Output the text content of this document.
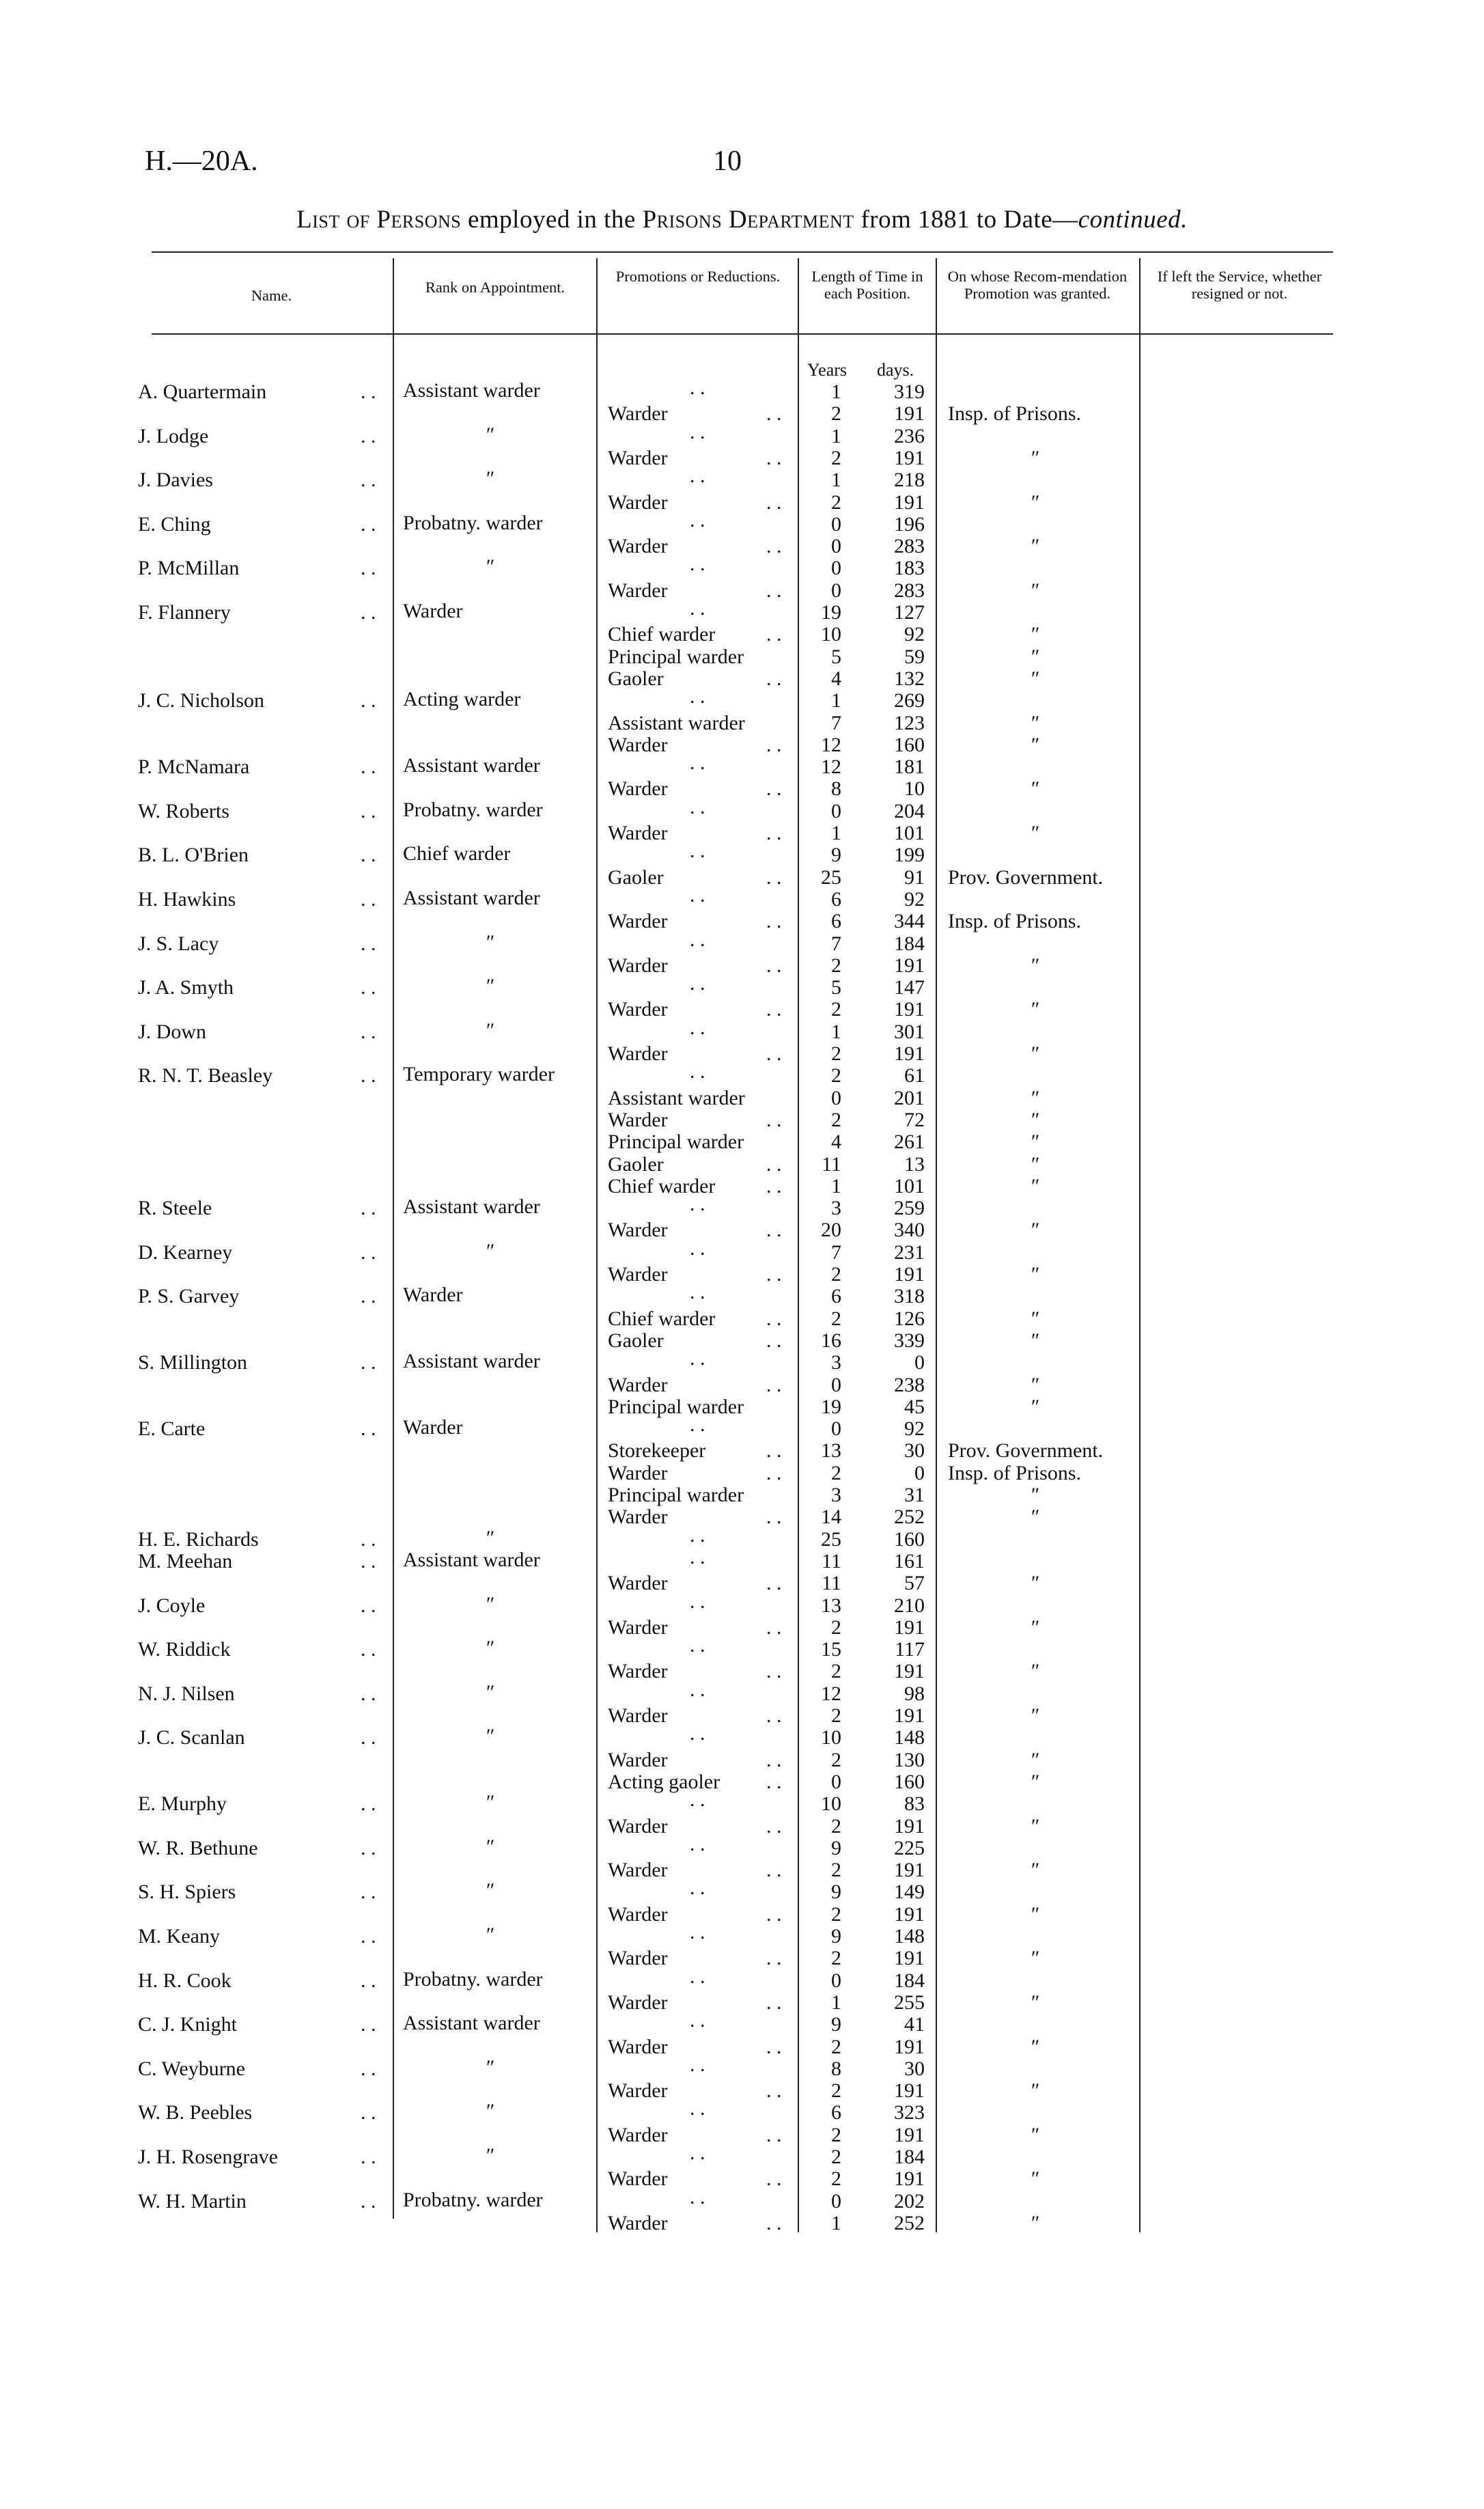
H.—20A.	10
List of Persons employed in the Prisons Department from 1881 to Date—continued.
Name.	Rank on Appointment.
Promotions or Reductions.	Length of Time in each Position.
On whose Recom-mendation Promotion was granted.
If left the Service, whether resigned or not.
Years days.
A. Quartermain	. . Assistant warder	. .	1	319
Warder	. .	2	191 Insp. of Prisons.
J. Lodge	. .	″	. .	1	236
Warder	. .	2	191	″
J. Davies	. .	″	. .	1	218
Warder	. .	2	191	″
E. Ching	. . Probatny. warder	. .	0	196
Warder	. .	0	283	″
P. McMillan	. .	″	. .	0	183
Warder	. .	0	283	″
F. Flannery	. . Warder	. .	19	127
Chief warder . .	10	92	″
Principal warder	5	59	″
Gaoler	. .	4	132	″
J. C. Nicholson	. . Acting warder	. .	1	269
Assistant warder	7	123	″
Warder	. .	12	160	″
P. McNamara	. . Assistant warder	. .	12	181
Warder	. .	8	10	″
W. Roberts	. . Probatny. warder	. .	0	204
Warder	. .	1	101	″
B. L. O'Brien	. . Chief warder	. .	9	199
Gaoler	. .	25	91 Prov. Government.
H. Hawkins	. . Assistant warder	. .	6	92
Warder	. .	6	344 Insp. of Prisons.
J. S. Lacy	. .	″	. .	7	184
Warder	. .	2	191	″
J. A. Smyth	. .	″	. .	5	147
Warder	. .	2	191	″
J. Down	. .	″	. .	1	301
Warder	. .	2	191	″
R. N. T. Beasley	. . Temporary warder	. .	2	61
Assistant warder	0	201	″
Warder	. .	2	72	″
Principal warder	4	261	″
Gaoler	. .	11	13	″
Chief warder . .	1	101	″
R. Steele	. . Assistant warder	. .	3	259
Warder	. .	20	340	″
D. Kearney	. .	″	. .	7	231
Warder	. .	2	191	″
P. S. Garvey	. . Warder	. .	6	318
Chief warder . .	2	126	″
Gaoler	. .	16	339	″
S. Millington	. . Assistant warder	. .	3	0
Warder	. .	0	238	″
Principal warder	19	45	″
E. Carte	. . Warder	. .	0	92
Storekeeper	. .	13	30 Prov. Government.
Warder	. .	2	0 Insp. of Prisons.
Principal warder	3	31	″
Warder	. .	14	252	″
H. E. Richards	. .	″	. .	25	160
M. Meehan	. . Assistant warder	. .	11	161
Warder	. .	11	57	″
J. Coyle	. .	″	. .	13	210
Warder	. .	2	191	″
W. Riddick	. .	″	. .	15	117
Warder	. .	2	191	″
N. J. Nilsen	. .	″	. .	12	98
Warder	. .	2	191	″
J. C. Scanlan	. .	″	. .	10	148
Warder	. .	2	130	″
Acting gaoler . .	0	160	″
E. Murphy	. .	″	. .	10	83
Warder	. .	2	191	″
W. R. Bethune	. .	″	. .	9	225
Warder	. .	2	191	″
S. H. Spiers	. .	″	. .	9	149
Warder	. .	2	191	″
M. Keany	. .	″	. .	9	148
Warder	. .	2	191	″
H. R. Cook	. . Probatny. warder	. .	0	184
Warder	. .	1	255	″
C. J. Knight	. . Assistant warder	. .	9	41
Warder	. .	2	191	″
C. Weyburne	. .	″	. .	8	30
Warder	. .	2	191	″
W. B. Peebles	. .	″	. .	6	323
Warder	. .	2	191	″
J. H. Rosengrave	. .	″	. .	2	184
Warder	. .	2	191	″
W. H. Martin	. . Probatny. warder	. .	0	202
Warder	. .	1	252	″
